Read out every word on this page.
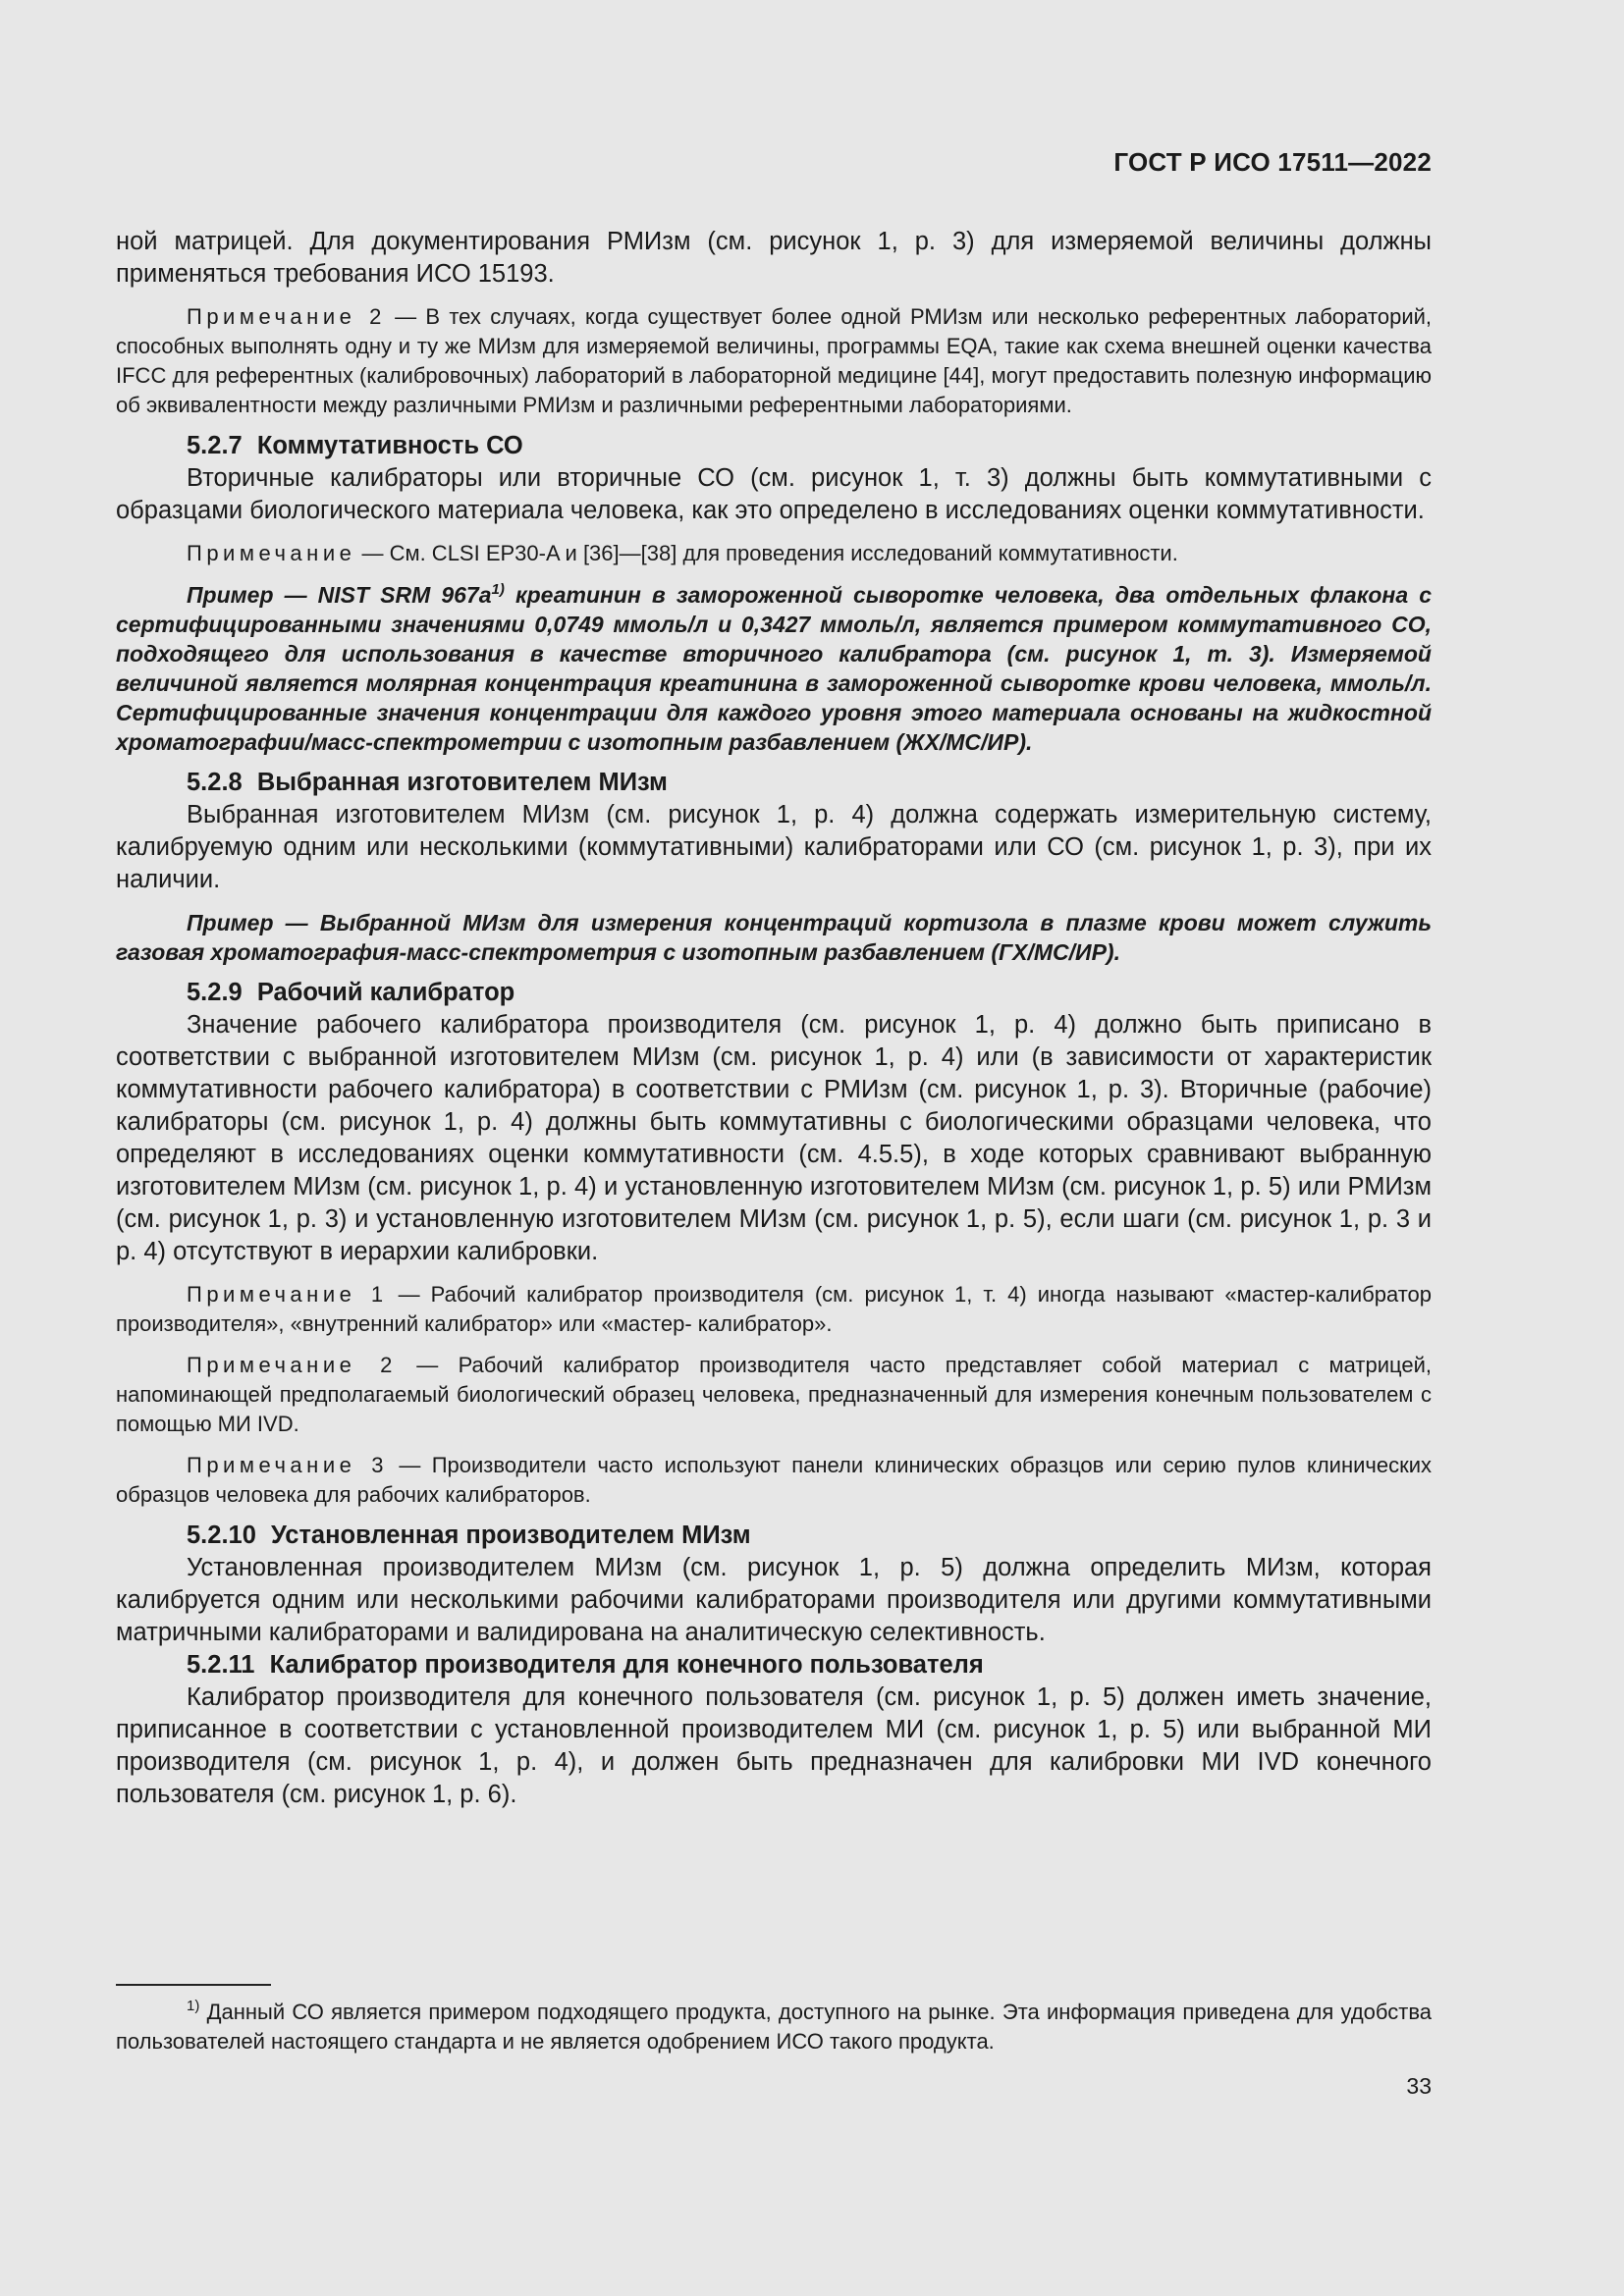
ГОСТ Р ИСО 17511—2022

ной матрицей. Для документирования РМИзм (см. рисунок 1, р. 3) для измеряемой величины должны применяться требования ИСО 15193.

Примечание 2 — В тех случаях, когда существует более одной РМИзм или несколько референтных лабораторий, способных выполнять одну и ту же МИзм для измеряемой величины, программы EQA, такие как схема внешней оценки качества IFCC для референтных (калибровочных) лабораторий в лабораторной медицине [44], могут предоставить полезную информацию об эквивалентности между различными РМИзм и различными референтными лабораториями.

5.2.7 Коммутативность СО

Вторичные калибраторы или вторичные СО (см. рисунок 1, т. 3) должны быть коммутативными с образцами биологического материала человека, как это определено в исследованиях оценки коммутативности.

Примечание — См. CLSI EP30-A и [36]—[38] для проведения исследований коммутативности.

Пример — NIST SRM $967a^{1)}$ креатинин в замороженной сыворотке человека, два отдельных флакона с сертифицированными значениями 0,0749 ммоль/л и 0,3427 ммоль/л, является примером коммутативного СО, подходящего для использования в качестве вторичного калибратора (см. рисунок 1, т. 3). Измеряемой величиной является молярная концентрация креатинина в замороженной сыворотке крови человека, ммоль/л. Сертифицированные значения концентрации для каждого уровня этого материала основаны на жидкостной хроматографии/масс-спектрометрии с изотопным разбавлением (ЖХ/МС/ИР).

5.2.8 Выбранная изготовителем МИзм

Выбранная изготовителем МИзм (см. рисунок 1, р. 4) должна содержать измерительную систему, калибруемую одним или несколькими (коммутативными) калибраторами или СО (см. рисунок 1, р. 3), при их наличии.

Пример — Выбранной МИзм для измерения концентраций кортизола в плазме крови может служить газовая хроматография-масс-спектрометрия с изотопным разбавлением (ГХ/МС/ИР).

5.2.9 Рабочий калибратор

Значение рабочего калибратора производителя (см. рисунок 1, р. 4) должно быть приписано в соответствии с выбранной изготовителем МИзм (см. рисунок 1, р. 4) или (в зависимости от характеристик коммутативности рабочего калибратора) в соответствии с РМИзм (см. рисунок 1, р. 3). Вторичные (рабочие) калибраторы (см. рисунок 1, р. 4) должны быть коммутативны с биологическими образцами человека, что определяют в исследованиях оценки коммутативности (см. 4.5.5), в ходе которых сравнивают выбранную изготовителем МИзм (см. рисунок 1, р. 4) и установленную изготовителем МИзм (см. рисунок 1, р. 5) или РМИзм (см. рисунок 1, р. 3) и установленную изготовителем МИзм (см. рисунок 1, р. 5), если шаги (см. рисунок 1, р. 3 и р. 4) отсутствуют в иерархии калибровки.

Примечание 1 — Рабочий калибратор производителя (см. рисунок 1, т. 4) иногда называют «мастер-калибратор производителя», «внутренний калибратор» или «мастер- калибратор».

Примечание 2 — Рабочий калибратор производителя часто представляет собой материал с матрицей, напоминающей предполагаемый биологический образец человека, предназначенный для измерения конечным пользователем с помощью МИ IVD.

Примечание 3 — Производители часто используют панели клинических образцов или серию пулов клинических образцов человека для рабочих калибраторов.

5.2.10 Установленная производителем МИзм

Установленная производителем МИзм (см. рисунок 1, р. 5) должна определить МИзм, которая калибруется одним или несколькими рабочими калибраторами производителя или другими коммутативными матричными калибраторами и валидирована на аналитическую селективность.

5.2.11 Калибратор производителя для конечного пользователя

Калибратор производителя для конечного пользователя (см. рисунок 1, р. 5) должен иметь значение, приписанное в соответствии с установленной производителем МИ (см. рисунок 1, р. 5) или выбранной МИ производителя (см. рисунок 1, р. 4), и должен быть предназначен для калибровки МИ IVD конечного пользователя (см. рисунок 1, р. 6).

$^{1)}$ Данный СО является примером подходящего продукта, доступного на рынке. Эта информация приведена для удобства пользователей настоящего стандарта и не является одобрением ИСО такого продукта.

33
